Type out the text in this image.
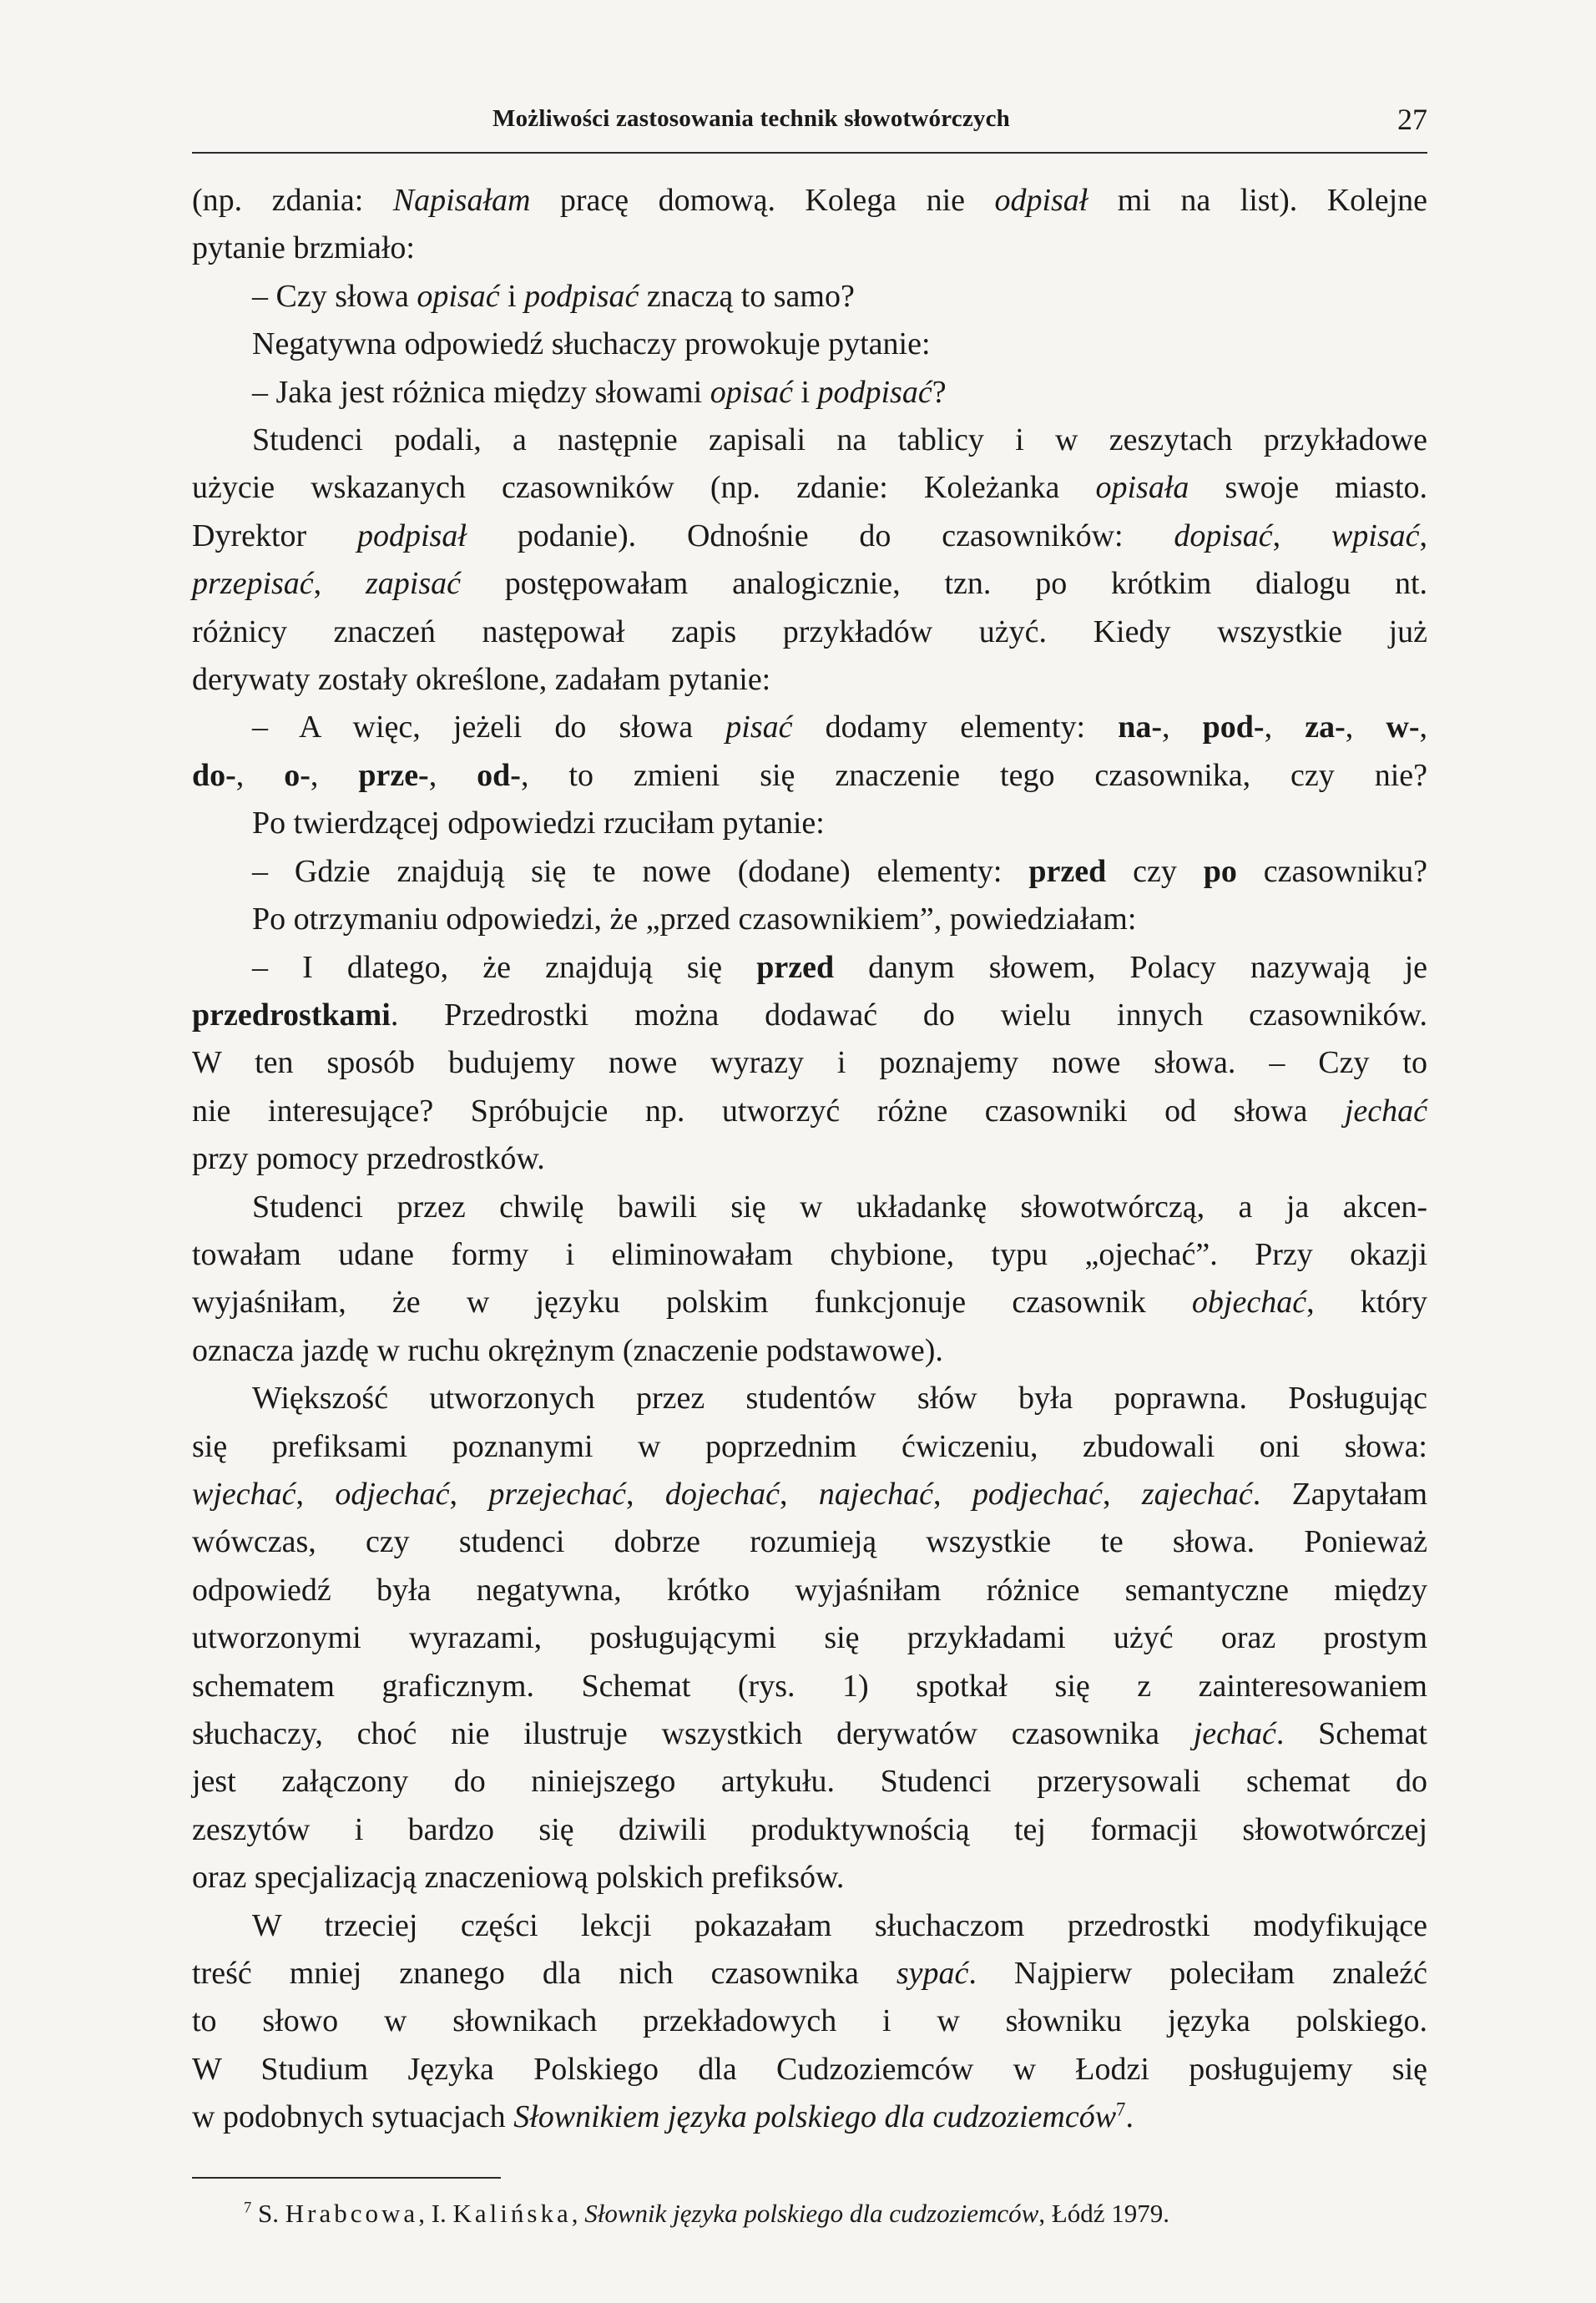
Możliwości zastosowania technik słowotwórczych	27
(np. zdania: Napisałam pracę domową. Kolega nie odpisał mi na list). Kolejne
pytanie brzmiało:
– Czy słowa opisać i podpisać znaczą to samo?
Negatywna odpowiedź słuchaczy prowokuje pytanie:
– Jaka jest różnica między słowami opisać i podpisać?
Studenci podali, a następnie zapisali na tablicy i w zeszytach przykładowe
użycie wskazanych czasowników (np. zdanie: Koleżanka opisała swoje miasto.
Dyrektor podpisał podanie). Odnośnie do czasowników: dopisać, wpisać,
przepisać, zapisać postępowałam analogicznie, tzn. po krótkim dialogu nt.
różnicy znaczeń następował zapis przykładów użyć. Kiedy wszystkie już
derywaty zostały określone, zadałam pytanie:
– A więc, jeżeli do słowa pisać dodamy elementy: na-, pod-, za-, w-,
do-, o-, prze-, od-, to zmieni się znaczenie tego czasownika, czy nie?
Po twierdzącej odpowiedzi rzuciłam pytanie:
– Gdzie znajdują się te nowe (dodane) elementy: przed czy po czasowniku?
Po otrzymaniu odpowiedzi, że „przed czasownikiem”, powiedziałam:
– I dlatego, że znajdują się przed danym słowem, Polacy nazywają je
przedrostkami. Przedrostki można dodawać do wielu innych czasowników.
W ten sposób budujemy nowe wyrazy i poznajemy nowe słowa. – Czy to
nie interesujące? Spróbujcie np. utworzyć różne czasowniki od słowa jechać
przy pomocy przedrostków.
Studenci przez chwilę bawili się w układankę słowotwórczą, a ja akcen-
towałam udane formy i eliminowałam chybione, typu „ojechać”. Przy okazji
wyjaśniłam, że w języku polskim funkcjonuje czasownik objechać, który
oznacza jazdę w ruchu okrężnym (znaczenie podstawowe).
Większość utworzonych przez studentów słów była poprawna. Posługując
się prefiksami poznanymi w poprzednim ćwiczeniu, zbudowali oni słowa:
wjechać, odjechać, przejechać, dojechać, najechać, podjechać, zajechać. Zapytałam
wówczas, czy studenci dobrze rozumieją wszystkie te słowa. Ponieważ
odpowiedź była negatywna, krótko wyjaśniłam różnice semantyczne między
utworzonymi wyrazami, posługującymi się przykładami użyć oraz prostym
schematem graficznym. Schemat (rys. 1) spotkał się z zainteresowaniem
słuchaczy, choć nie ilustruje wszystkich derywatów czasownika jechać. Schemat
jest załączony do niniejszego artykułu. Studenci przerysowali schemat do
zeszytów i bardzo się dziwili produktywnością tej formacji słowotwórczej
oraz specjalizacją znaczeniową polskich prefiksów.
W trzeciej części lekcji pokazałam słuchaczom przedrostki modyfikujące
treść mniej znanego dla nich czasownika sypać. Najpierw poleciłam znaleźć
to słowo w słownikach przekładowych i w słowniku języka polskiego.
W Studium Języka Polskiego dla Cudzoziemców w Łodzi posługujemy się
w podobnych sytuacjach Słownikiem języka polskiego dla cudzoziemców$^7$.
$^7$ S. Hrabcowa, I. Kalińska, Słownik języka polskiego dla cudzoziemców, Łódź 1979.
